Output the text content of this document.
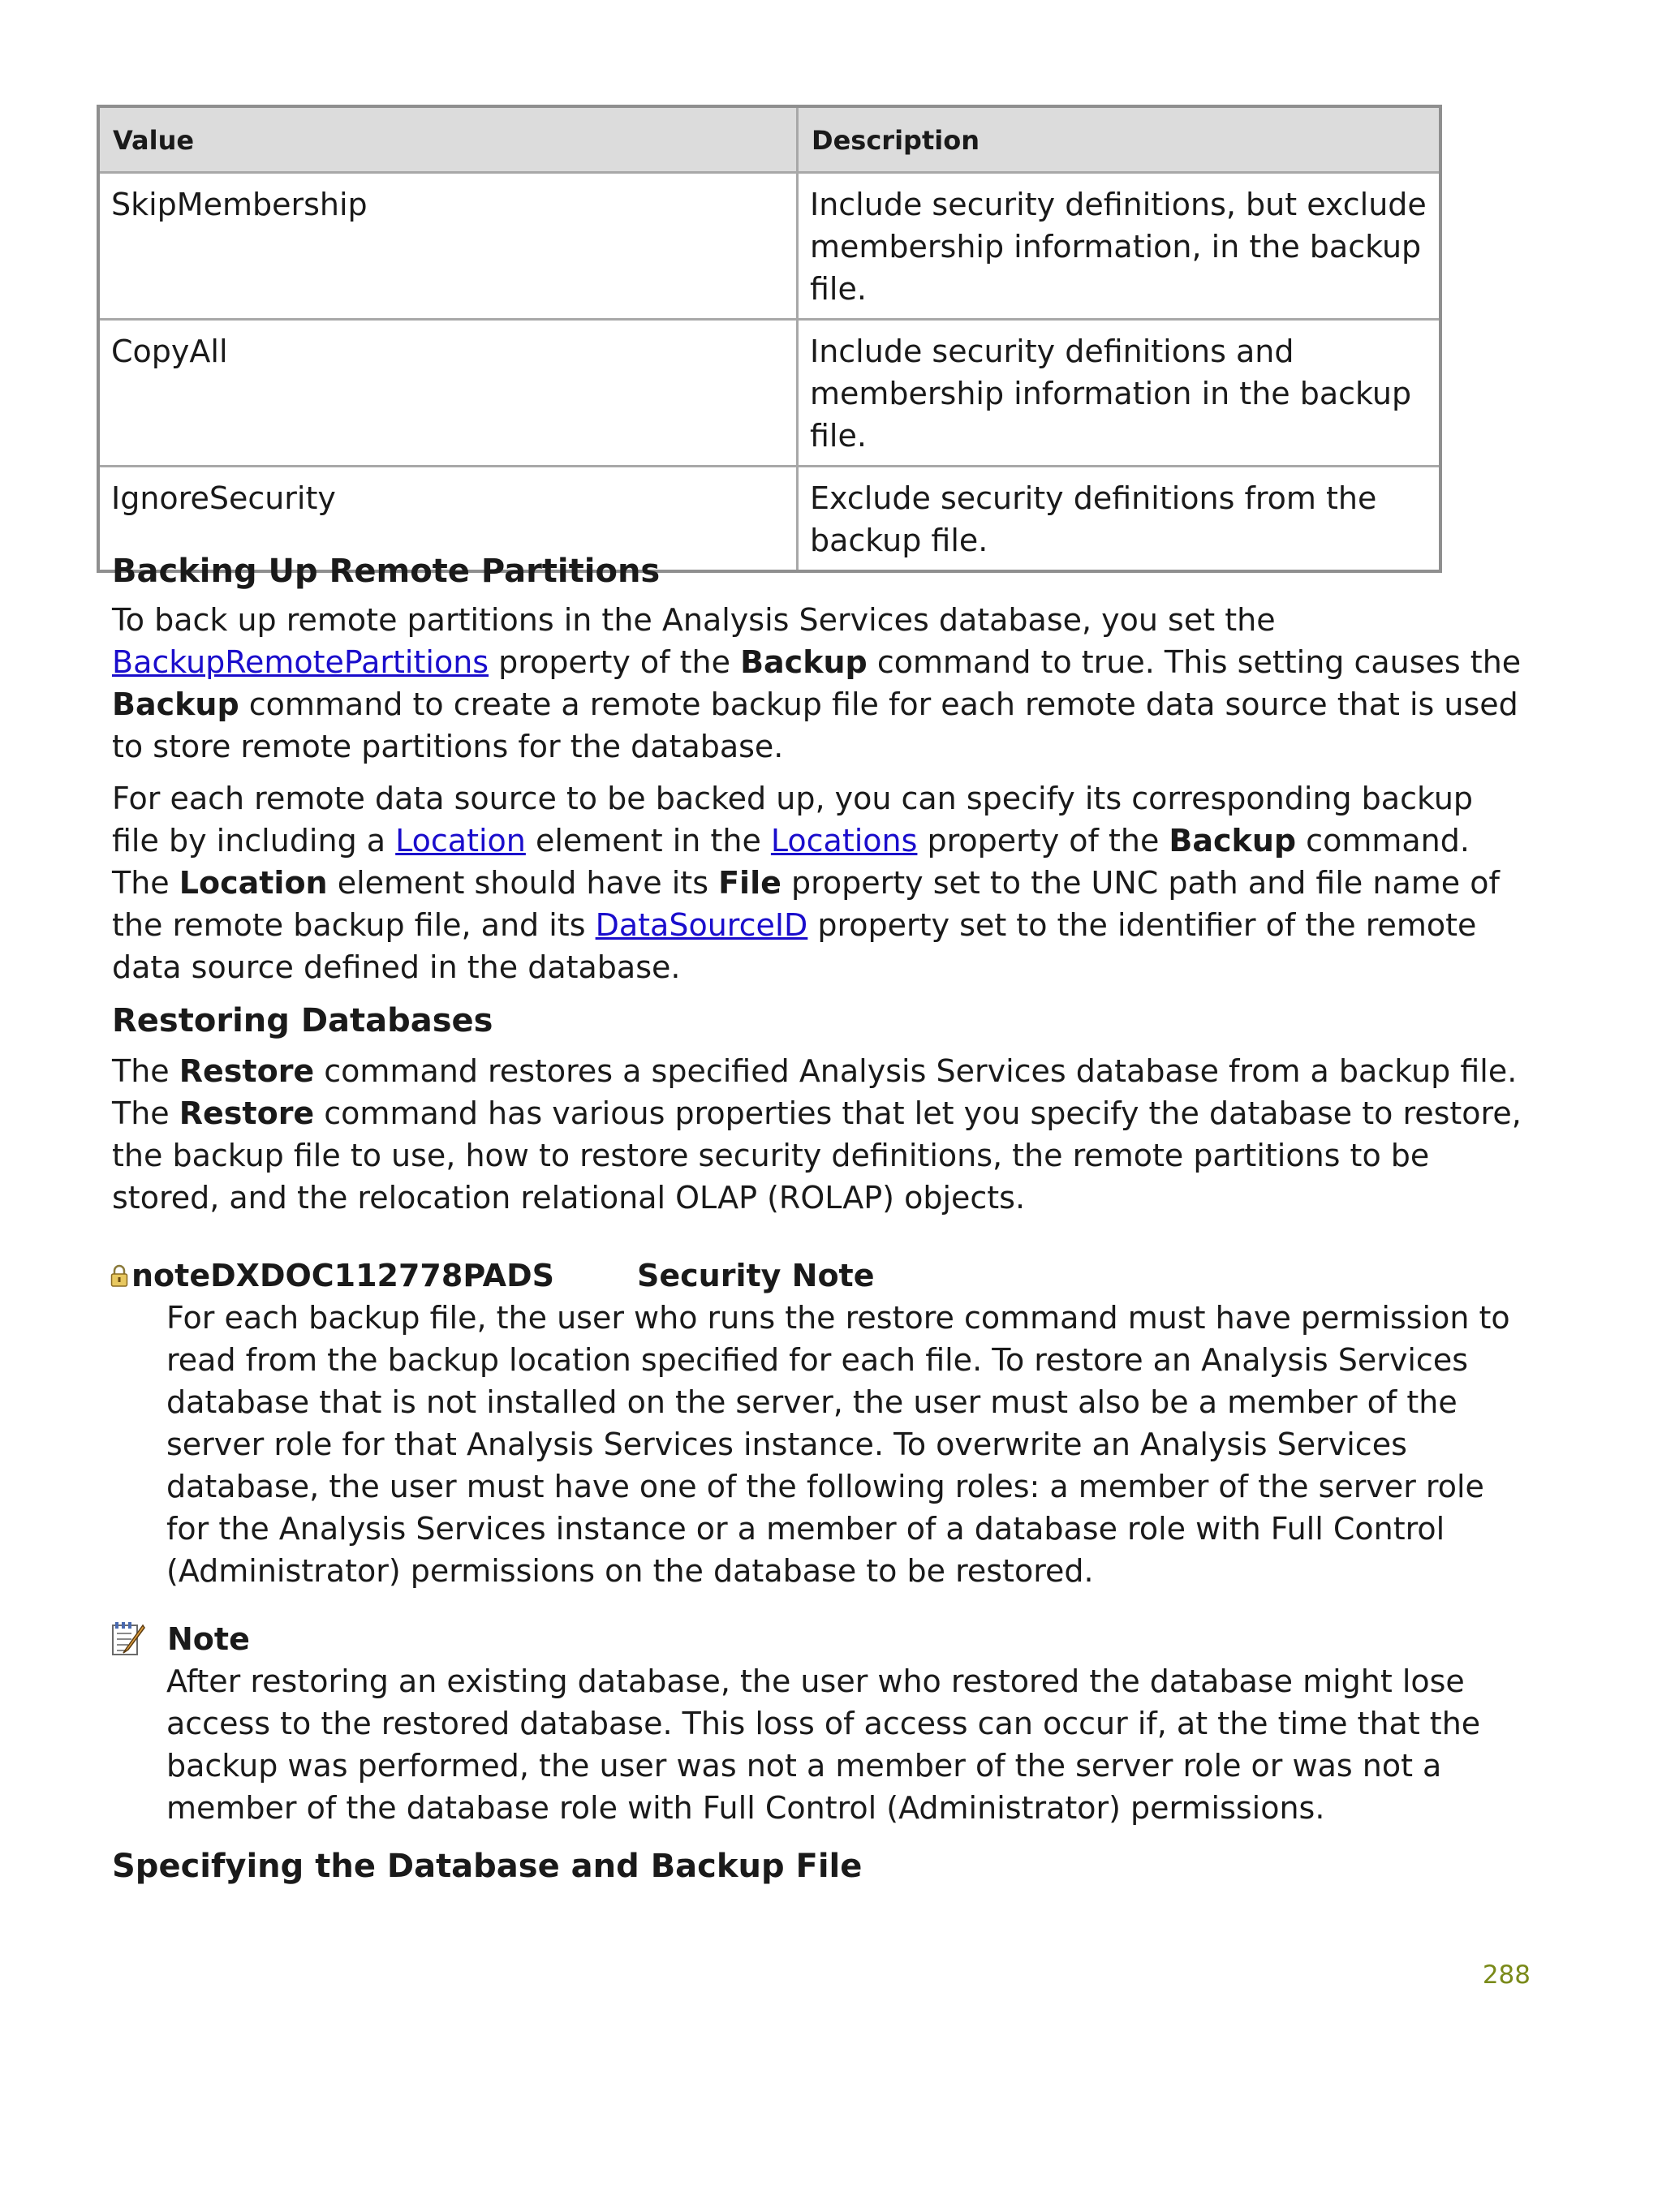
Value	Description
SkipMembership	Include security definitions, but exclude membership information, in the backup file.
CopyAll	Include security definitions and membership information in the backup file.
IgnoreSecurity	Exclude security definitions from the backup file.
Backing Up Remote Partitions

To back up remote partitions in the Analysis Services database, you set the BackupRemotePartitions property of the Backup command to true. This setting causes the Backup command to create a remote backup file for each remote data source that is used to store remote partitions for the database.

For each remote data source to be backed up, you can specify its corresponding backup file by including a Location element in the Locations property of the Backup command. The Location element should have its File property set to the UNC path and file name of the remote backup file, and its DataSourceID property set to the identifier of the remote data source defined in the database.

Restoring Databases

The Restore command restores a specified Analysis Services database from a backup file. The Restore command has various properties that let you specify the database to restore, the backup file to use, how to restore security definitions, the remote partitions to be stored, and the relocation relational OLAP (ROLAP) objects.

noteDXDOC112778PADS	Security Note

For each backup file, the user who runs the restore command must have permission to read from the backup location specified for each file. To restore an Analysis Services database that is not installed on the server, the user must also be a member of the server role for that Analysis Services instance. To overwrite an Analysis Services database, the user must have one of the following roles: a member of the server role for the Analysis Services instance or a member of a database role with Full Control (Administrator) permissions on the database to be restored.

Note

After restoring an existing database, the user who restored the database might lose access to the restored database. This loss of access can occur if, at the time that the backup was performed, the user was not a member of the server role or was not a member of the database role with Full Control (Administrator) permissions.

Specifying the Database and Backup File
288
